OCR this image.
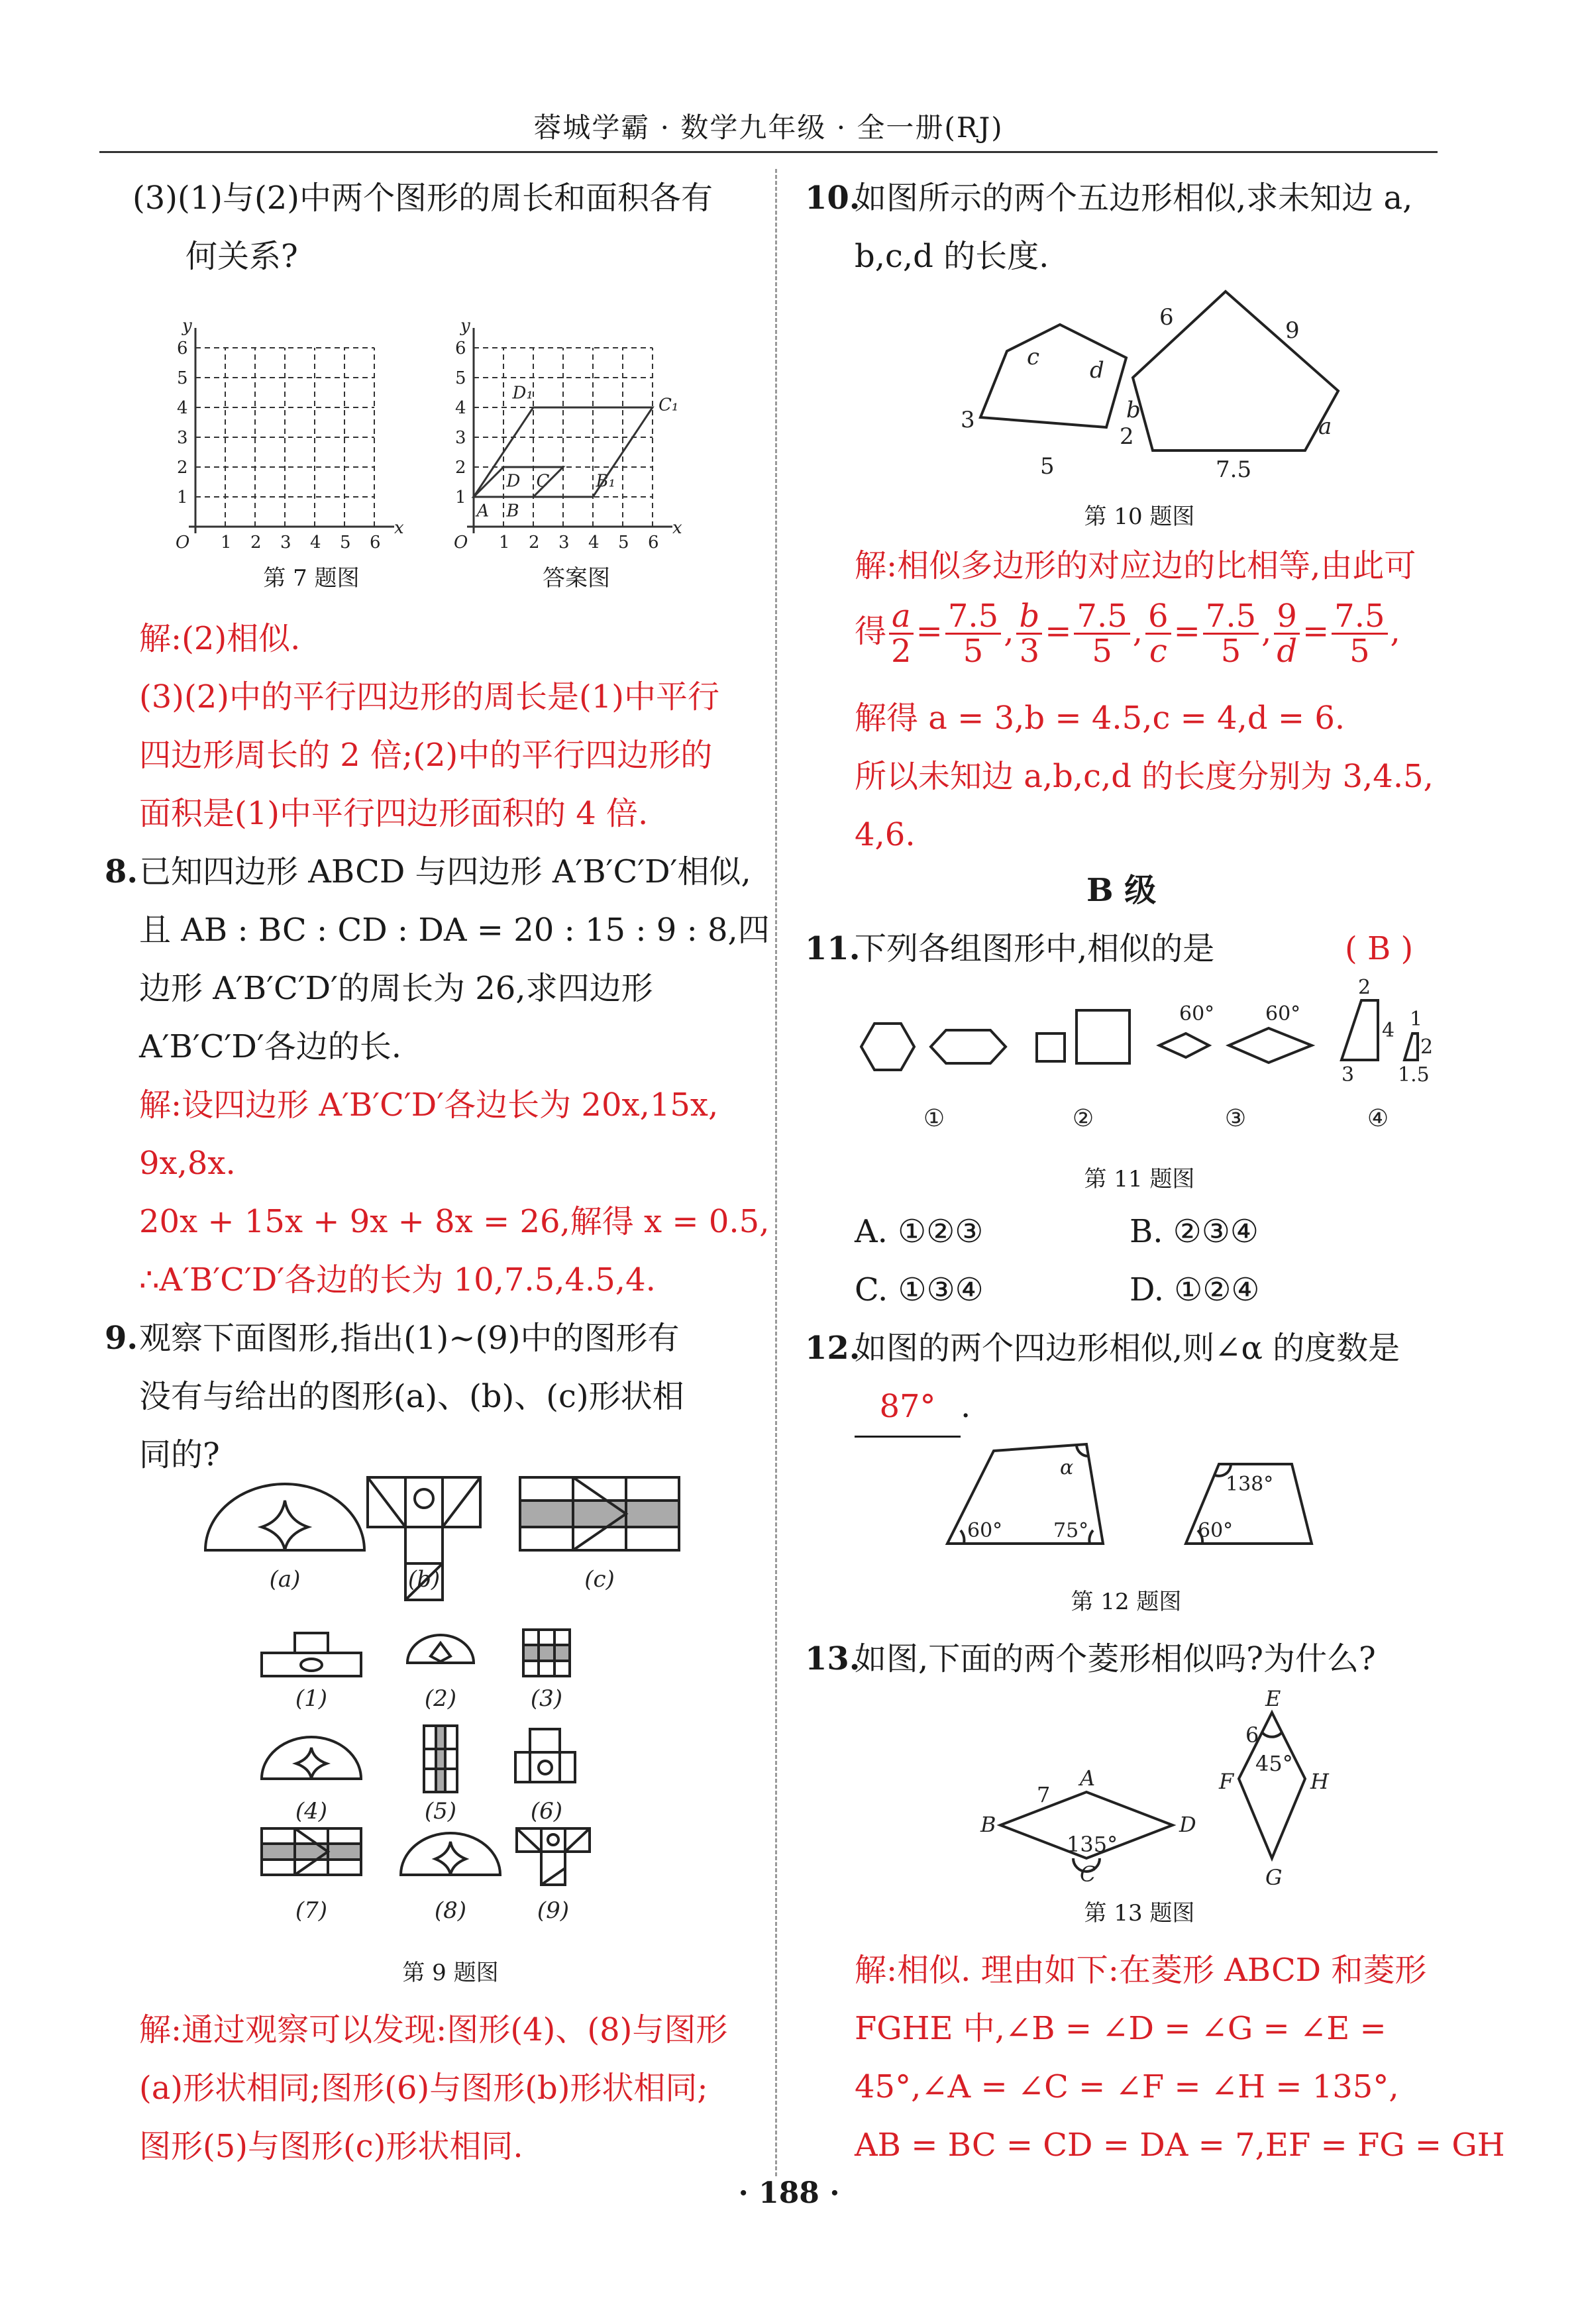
蓉城学霸 · 数学九年级 · 全一册(RJ)
(3)(1)与(2)中两个图形的周长和面积各有
何关系?
1 2 3 4 5 6
1
2
3
4
5
6
O
x
y
1 2 3 4 5 6
1
2
3
4
5
6
O
x
y
A B
C
D	B₁
C₁
D₁
第 7 题图	答案图
解:(2)相似.
(3)(2)中的平行四边形的周长是(1)中平行
四边形周长的 2 倍;(2)中的平行四边形的
面积是(1)中平行四边形面积的 4 倍.
8. 已知四边形 ABCD 与四边形 A′B′C′D′相似,
且 AB : BC : CD : DA = 20 : 15 : 9 : 8,四
边形 A′B′C′D′的周长为 26,求四边形
A′B′C′D′各边的长.
解:设四边形 A′B′C′D′各边长为 20x,15x,
9x,8x.
20x + 15x + 9x + 8x = 26,解得 x = 0.5,
∴A′B′C′D′各边的长为 10,7.5,4.5,4.
9. 观察下面图形,指出(1)~(9)中的图形有
没有与给出的图形(a)、(b)、(c)形状相
同的?
(a)	(b)	(c)
(1)	(2)	(3)
(4)	(5)	(6)
(7)	(8)	(9)
第 9 题图
解:通过观察可以发现:图形(4)、(8)与图形
(a)形状相同;图形(6)与图形(b)形状相同;
图形(5)与图形(c)形状相同.
10.
如图所示的两个五边形相似,求未知边 a,
b,c,d 的长度.
c d
3
2
5
6	9
b
a
7.5
第 10 题图
解:相似多边形的对应边的比相等,由此可
得 $\frac{a}{2} = \frac{7.5}{5}$ , $\frac{b}{3} = \frac{7.5}{5}$ , $\frac{6}{c} = \frac{7.5}{5}$ , $\frac{9}{d} = \frac{7.5}{5}$ ,
解得 a = 3,b = 4.5,c = 4,d = 6.
所以未知边 a,b,c,d 的长度分别为 3,4.5,
4,6.
B 级
11.
下列各组图形中,相似的是	( B )
60°	60°
2
4
3
1
2
1.5
①	②	③	④
第 11 题图
A. ①②③	B. ②③④
C. ①③④	D. ①②④
12.
如图的两个四边形相似,则∠α 的度数是
87° .
α
60°	75°
138°
60°
第 12 题图
13.
如图,下面的两个菱形相似吗?为什么?
E
6
45°
F	H
G
A
7
B	D
135°
C
第 13 题图
解:相似. 理由如下:在菱形 ABCD 和菱形
FGHE 中,∠B = ∠D = ∠G = ∠E =
45°,∠A = ∠C = ∠F = ∠H = 135°,
AB = BC = CD = DA = 7,EF = FG = GH
· 188 ·
